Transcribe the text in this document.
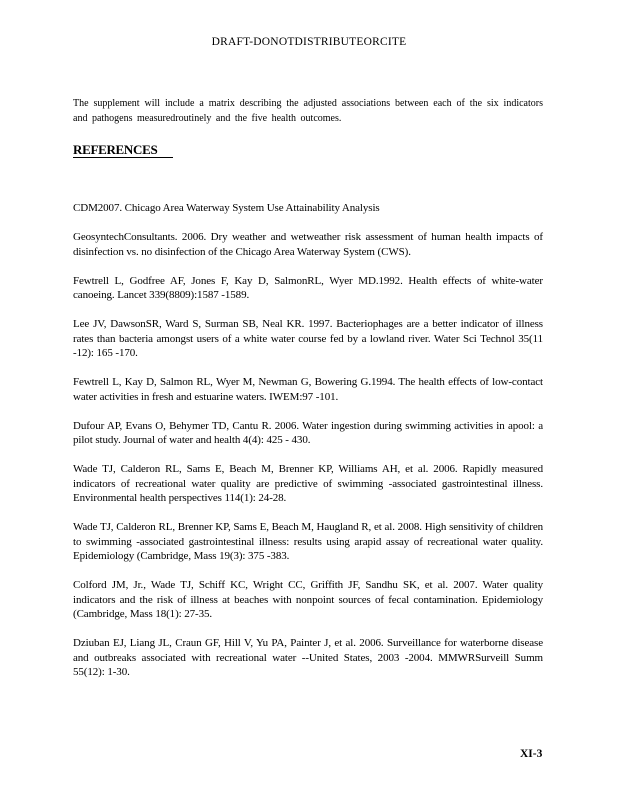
DRAFT-DONOTDISTRIBUTEORCITE

The supplement will include a matrix describing the adjusted associations between each of the six indicators and pathogens measuredroutinely and the five health outcomes.

REFERENCES
CDM2007. Chicago Area Waterway System Use Attainability Analysis
GeosyntechConsultants. 2006. Dry weather and wetweather risk assessment of human health impacts of disinfection vs. no disinfection of the Chicago Area Waterway System (CWS).
Fewtrell L, Godfree AF, Jones F, Kay D, SalmonRL, Wyer MD.1992. Health effects of white-water canoeing. Lancet 339(8809):1587 -1589.
Lee JV, DawsonSR, Ward S, Surman SB, Neal KR. 1997. Bacteriophages are a better indicator of illness rates than bacteria amongst users of a white water course fed by a lowland river. Water Sci Technol 35(11 -12): 165 -170.
Fewtrell L, Kay D, Salmon RL, Wyer M, Newman G, Bowering G.1994. The health effects of low-contact water activities in fresh and estuarine waters. IWEM:97 -101.
Dufour AP, Evans O, Behymer TD, Cantu R. 2006. Water ingestion during swimming activities in apool: a pilot study. Journal of water and health 4(4): 425 - 430.
Wade TJ, Calderon RL, Sams E, Beach M, Brenner KP, Williams AH, et al. 2006. Rapidly measured indicators of recreational water quality are predictive of swimming -associated gastrointestinal illness. Environmental health perspectives 114(1): 24-28.
Wade TJ, Calderon RL, Brenner KP, Sams E, Beach M, Haugland R, et al. 2008. High sensitivity of children to swimming -associated gastrointestinal illness: results using arapid assay of recreational water quality. Epidemiology (Cambridge, Mass 19(3): 375 -383.
Colford JM, Jr., Wade TJ, Schiff KC, Wright CC, Griffith JF, Sandhu SK, et al. 2007. Water quality indicators and the risk of illness at beaches with nonpoint sources of fecal contamination. Epidemiology (Cambridge, Mass 18(1): 27-35.
Dziuban EJ, Liang JL, Craun GF, Hill V, Yu PA, Painter J, et al. 2006. Surveillance for waterborne disease and outbreaks associated with recreational water --United States, 2003 -2004. MMWRSurveill Summ 55(12): 1-30.
XI-3
